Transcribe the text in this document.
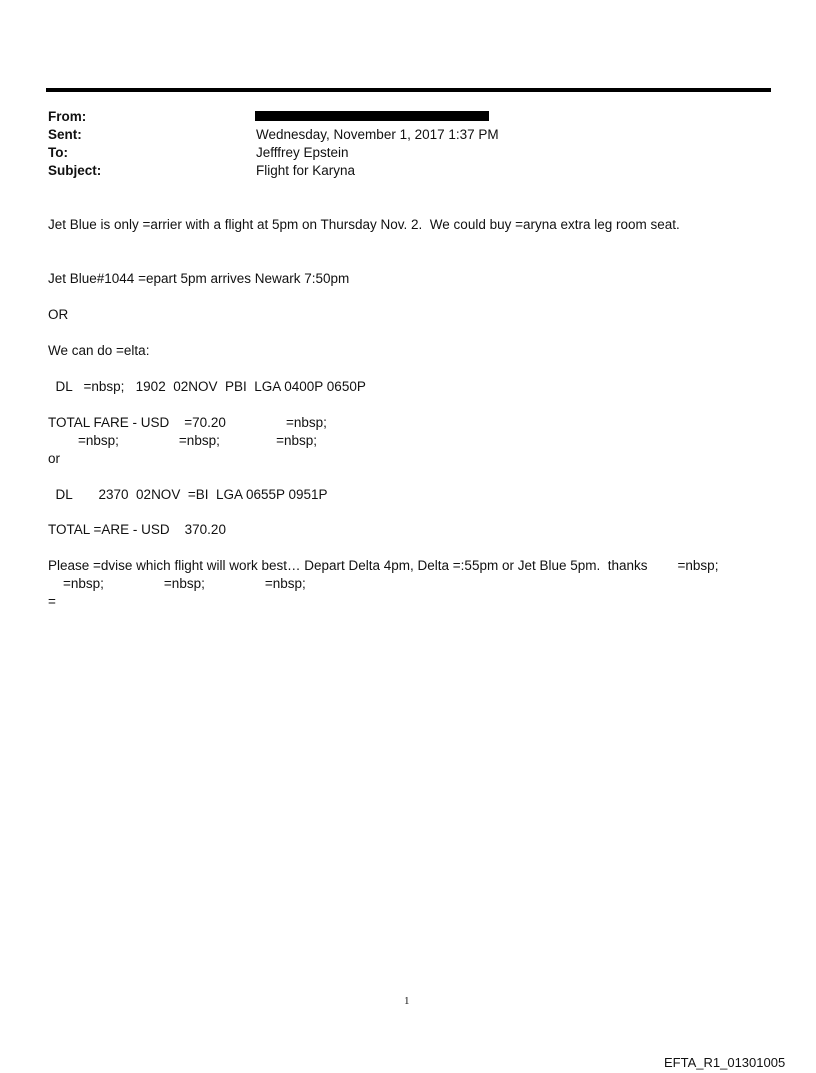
From:
Sent:
To:
Subject:
Wednesday, November 1, 2017 1:37 PM
Jefffrey Epstein
Flight for Karyna
Jet Blue is only =arrier with a flight at 5pm on Thursday Nov. 2.  We could buy =aryna extra leg room seat.
Jet Blue#1044 =epart 5pm arrives Newark 7:50pm
OR
We can do =elta:
DL   =nbsp;   1902  02NOV  PBI  LGA 0400P 0650P
TOTAL FARE - USD    =70.20                =nbsp;
=nbsp;                =nbsp;               =nbsp;
or
DL       2370  02NOV  =BI  LGA 0655P 0951P
TOTAL =ARE - USD    370.20
Please =dvise which flight will work best… Depart Delta 4pm, Delta =:55pm or Jet Blue 5pm.  thanks        =nbsp;
=nbsp;                =nbsp;                =nbsp;
=
1
EFTA_R1_01301005
